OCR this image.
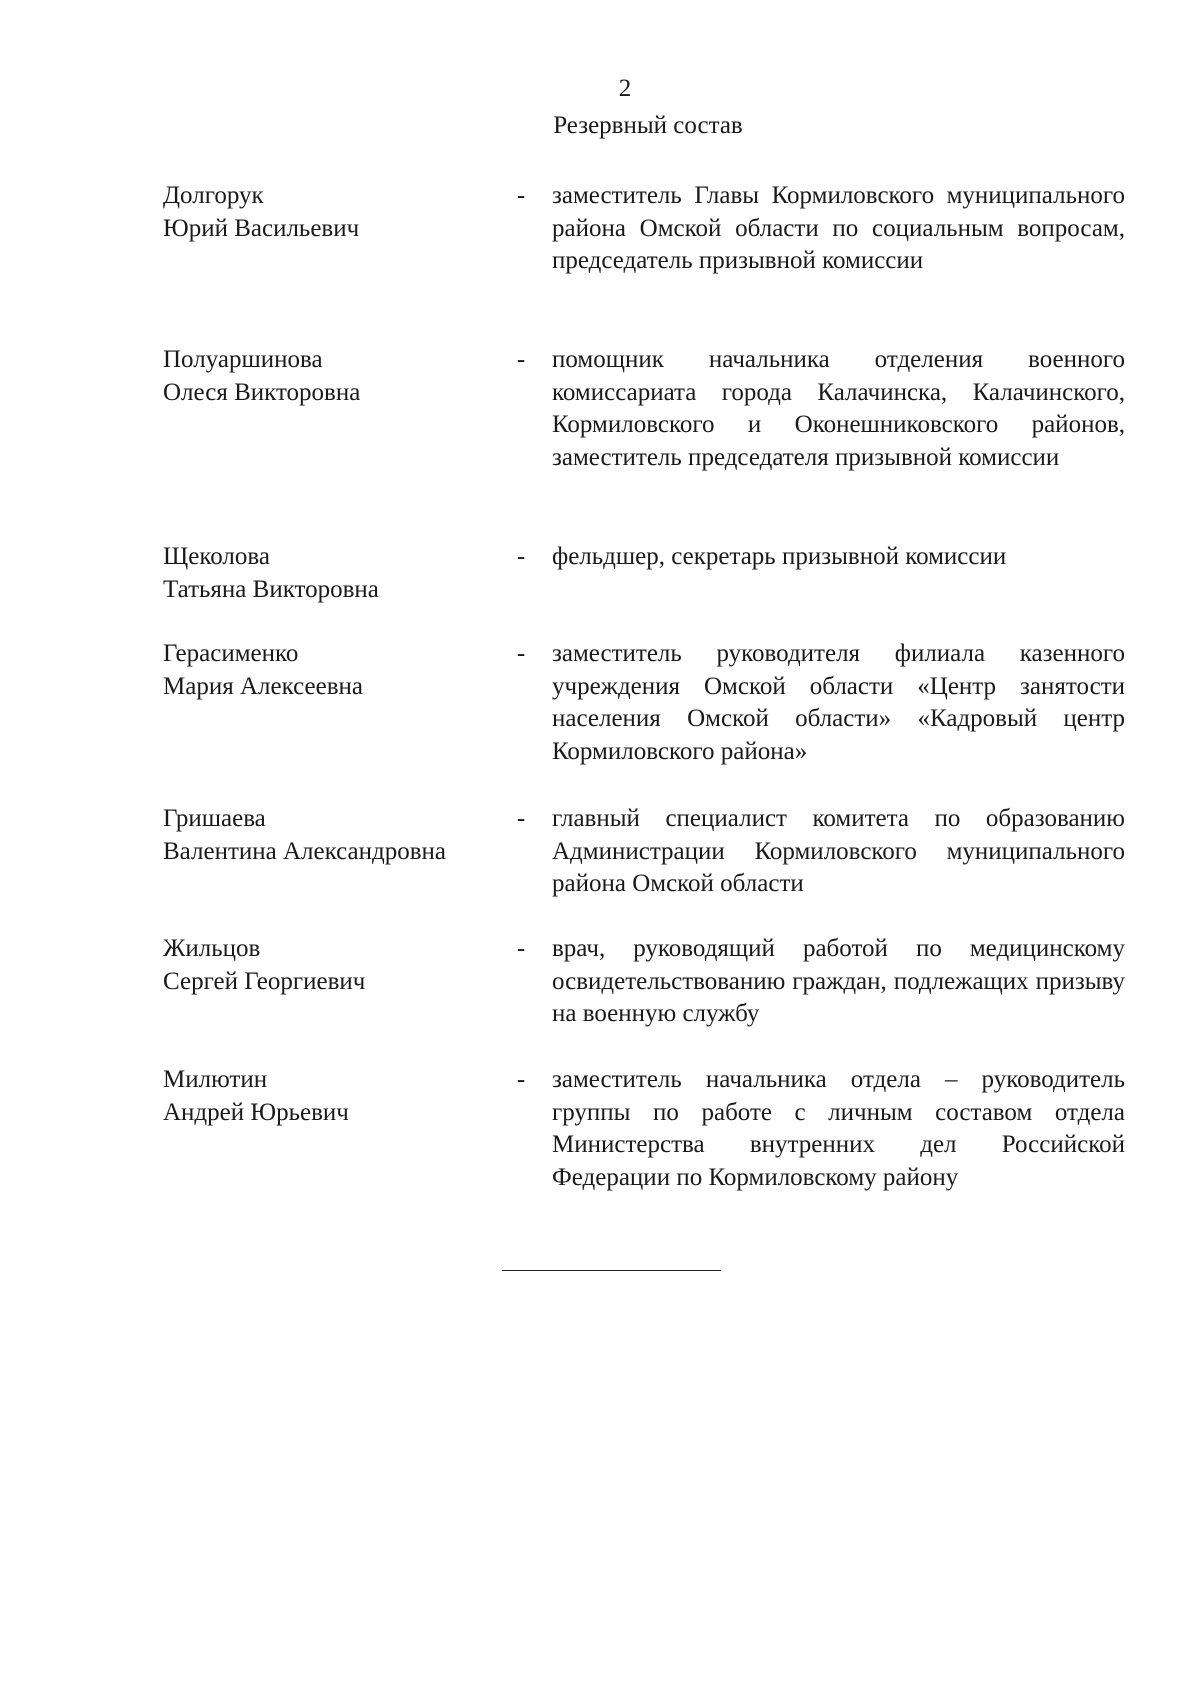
2
Резервный состав
Долгорук
Юрий Васильевич
- заместитель Главы Кормиловского муниципального района Омской области по социальным вопросам, председатель призывной комиссии
Полуаршинова
Олеся Викторовна
- помощник начальника отделения военного комиссариата города Калачинска, Калачинского, Кормиловского и Оконешниковского районов, заместитель председателя призывной комиссии
Щеколова
Татьяна Викторовна
- фельдшер, секретарь призывной комиссии
Герасименко
Мария Алексеевна
- заместитель руководителя филиала казенного учреждения Омской области «Центр занятости населения Омской области» «Кадровый центр Кормиловского района»
Гришаева
Валентина Александровна
- главный специалист комитета по образованию Администрации Кормиловского муниципального района Омской области
Жильцов
Сергей Георгиевич
- врач, руководящий работой по медицинскому освидетельствованию граждан, подлежащих призыву на военную службу
Милютин
Андрей Юрьевич
- заместитель начальника отдела – руководитель группы по работе с личным составом отдела Министерства внутренних дел Российской Федерации по Кормиловскому району
